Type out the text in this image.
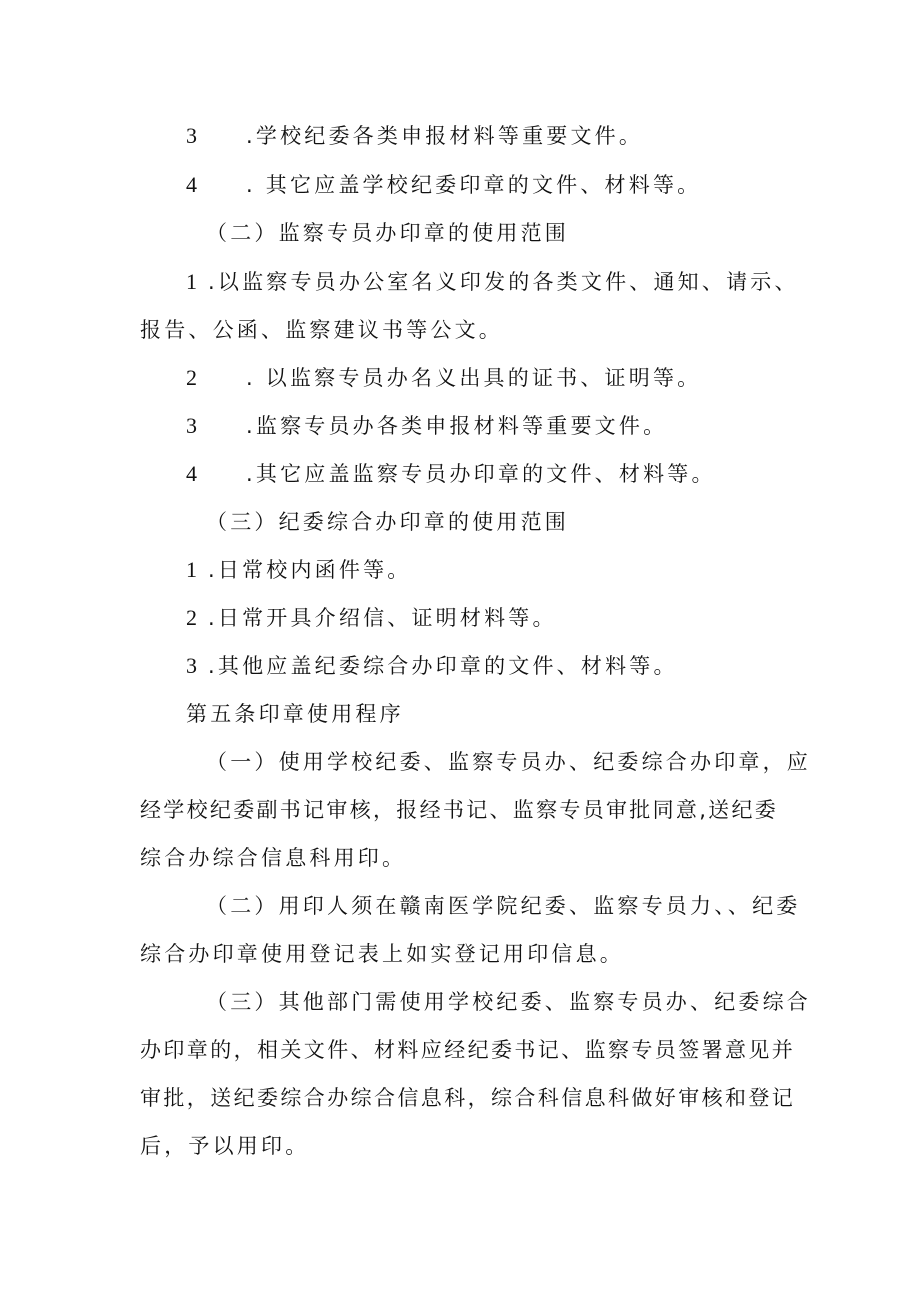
3 .学校纪委各类申报材料等重要文件。
4 . 其它应盖学校纪委印章的文件、材料等。
（二）监察专员办印章的使用范围
1 .以监察专员办公室名义印发的各类文件、通知、请示、
报告、公函、监察建议书等公文。
2 . 以监察专员办名义出具的证书、证明等。
3 .监察专员办各类申报材料等重要文件。
4 .其它应盖监察专员办印章的文件、材料等。
（三）纪委综合办印章的使用范围
1 .日常校内函件等。
2 .日常开具介绍信、证明材料等。
3 .其他应盖纪委综合办印章的文件、材料等。
第五条印章使用程序
（一）使用学校纪委、监察专员办、纪委综合办印章，应
经学校纪委副书记审核，报经书记、监察专员审批同意,送纪委
综合办综合信息科用印。
（二）用印人须在赣南医学院纪委、监察专员力、、纪委
综合办印章使用登记表上如实登记用印信息。
（三）其他部门需使用学校纪委、监察专员办、纪委综合
办印章的，相关文件、材料应经纪委书记、监察专员签署意见并
审批，送纪委综合办综合信息科，综合科信息科做好审核和登记
后，予以用印。
